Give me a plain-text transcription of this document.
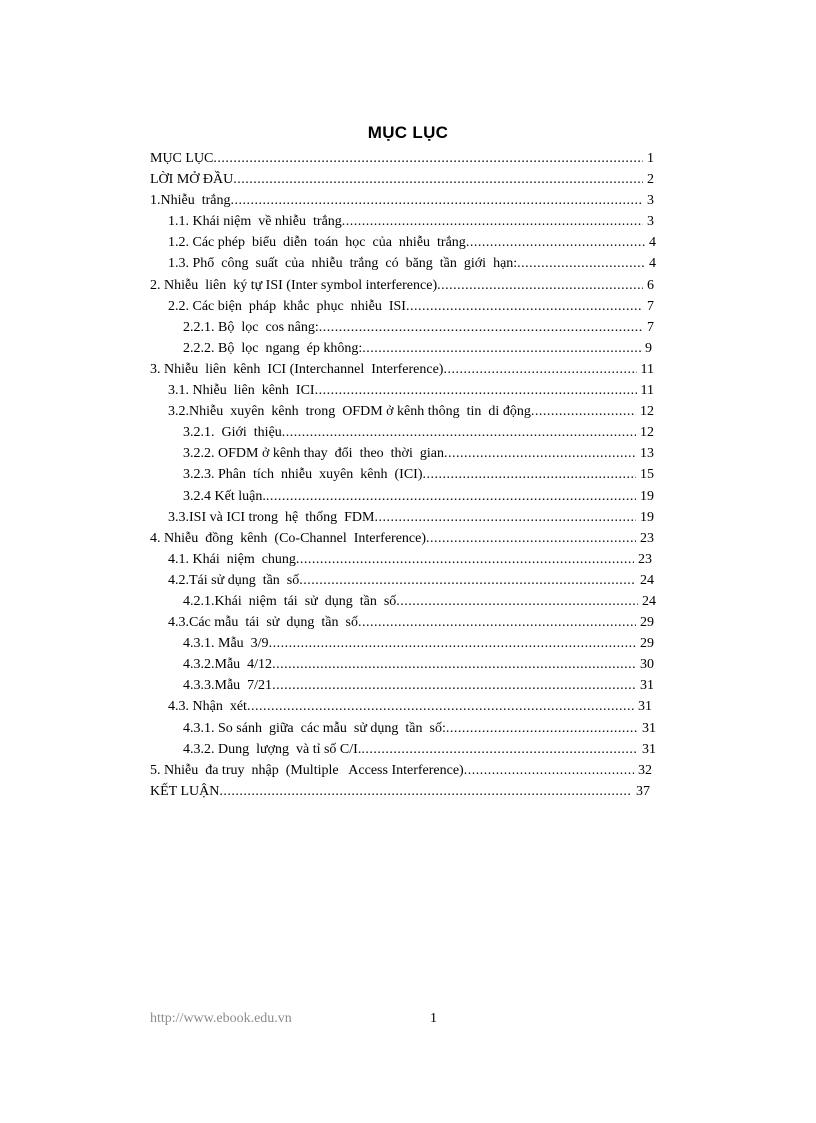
MỤC LỤC
MỤC LỤC .....	1
LỜI MỞ ĐẦU .....	2
1.Nhiễu  trắng .....	3
1.1. Khái niệm  về nhiễu  trắng .....	3
1.2. Các phép  biểu  diễn  toán  học  của  nhiễu  trắng .....	4
1.3. Phổ  công  suất  của  nhiễu  trắng  có  băng  tần  giới  hạn: .....	4
2. Nhiễu  liên  ký tự ISI (Inter symbol interference) .....	6
2.2. Các biện  pháp  khắc  phục  nhiễu  ISI .....	7
2.2.1. Bộ  lọc  cos nâng: .....	7
2.2.2. Bộ  lọc  ngang  ép không: .....	9
3. Nhiễu  liên  kênh  ICI (Interchannel  Interference) .....	11
3.1. Nhiễu  liên  kênh  ICI .....	11
3.2.Nhiễu  xuyên  kênh  trong  OFDM ở kênh thông  tin  di động .....	12
3.2.1.  Giới  thiệu .....	12
3.2.2. OFDM ở kênh thay  đổi  theo  thời  gian .....	13
3.2.3. Phân  tích  nhiễu  xuyên  kênh  (ICI) .....	15
3.2.4 Kết luận. .....	19
3.3.ISI và ICI trong  hệ  thống  FDM .....	19
4. Nhiễu  đồng  kênh  (Co-Channel  Interference) .....	23
4.1. Khái  niệm  chung .....	23
4.2.Tái sử dụng  tần  số .....	24
4.2.1.Khái  niệm  tái  sử  dụng  tần  số .....	24
4.3.Các mẫu  tái  sử  dụng  tần  số .....	29
4.3.1. Mẫu  3/9 .....	29
4.3.2.Mẫu  4/12 .....	30
4.3.3.Mẫu  7/21 .....	31
4.3. Nhận  xét .....	31
4.3.1. So sánh  giữa  các mẫu  sử dụng  tần  số: .....	31
4.3.2. Dung  lượng  và tỉ số C/I. .....	31
5. Nhiễu  đa truy  nhập  (Multiple   Access Interference) .....	32
KẾT LUẬN .....	37
http://www.ebook.edu.vn	1
